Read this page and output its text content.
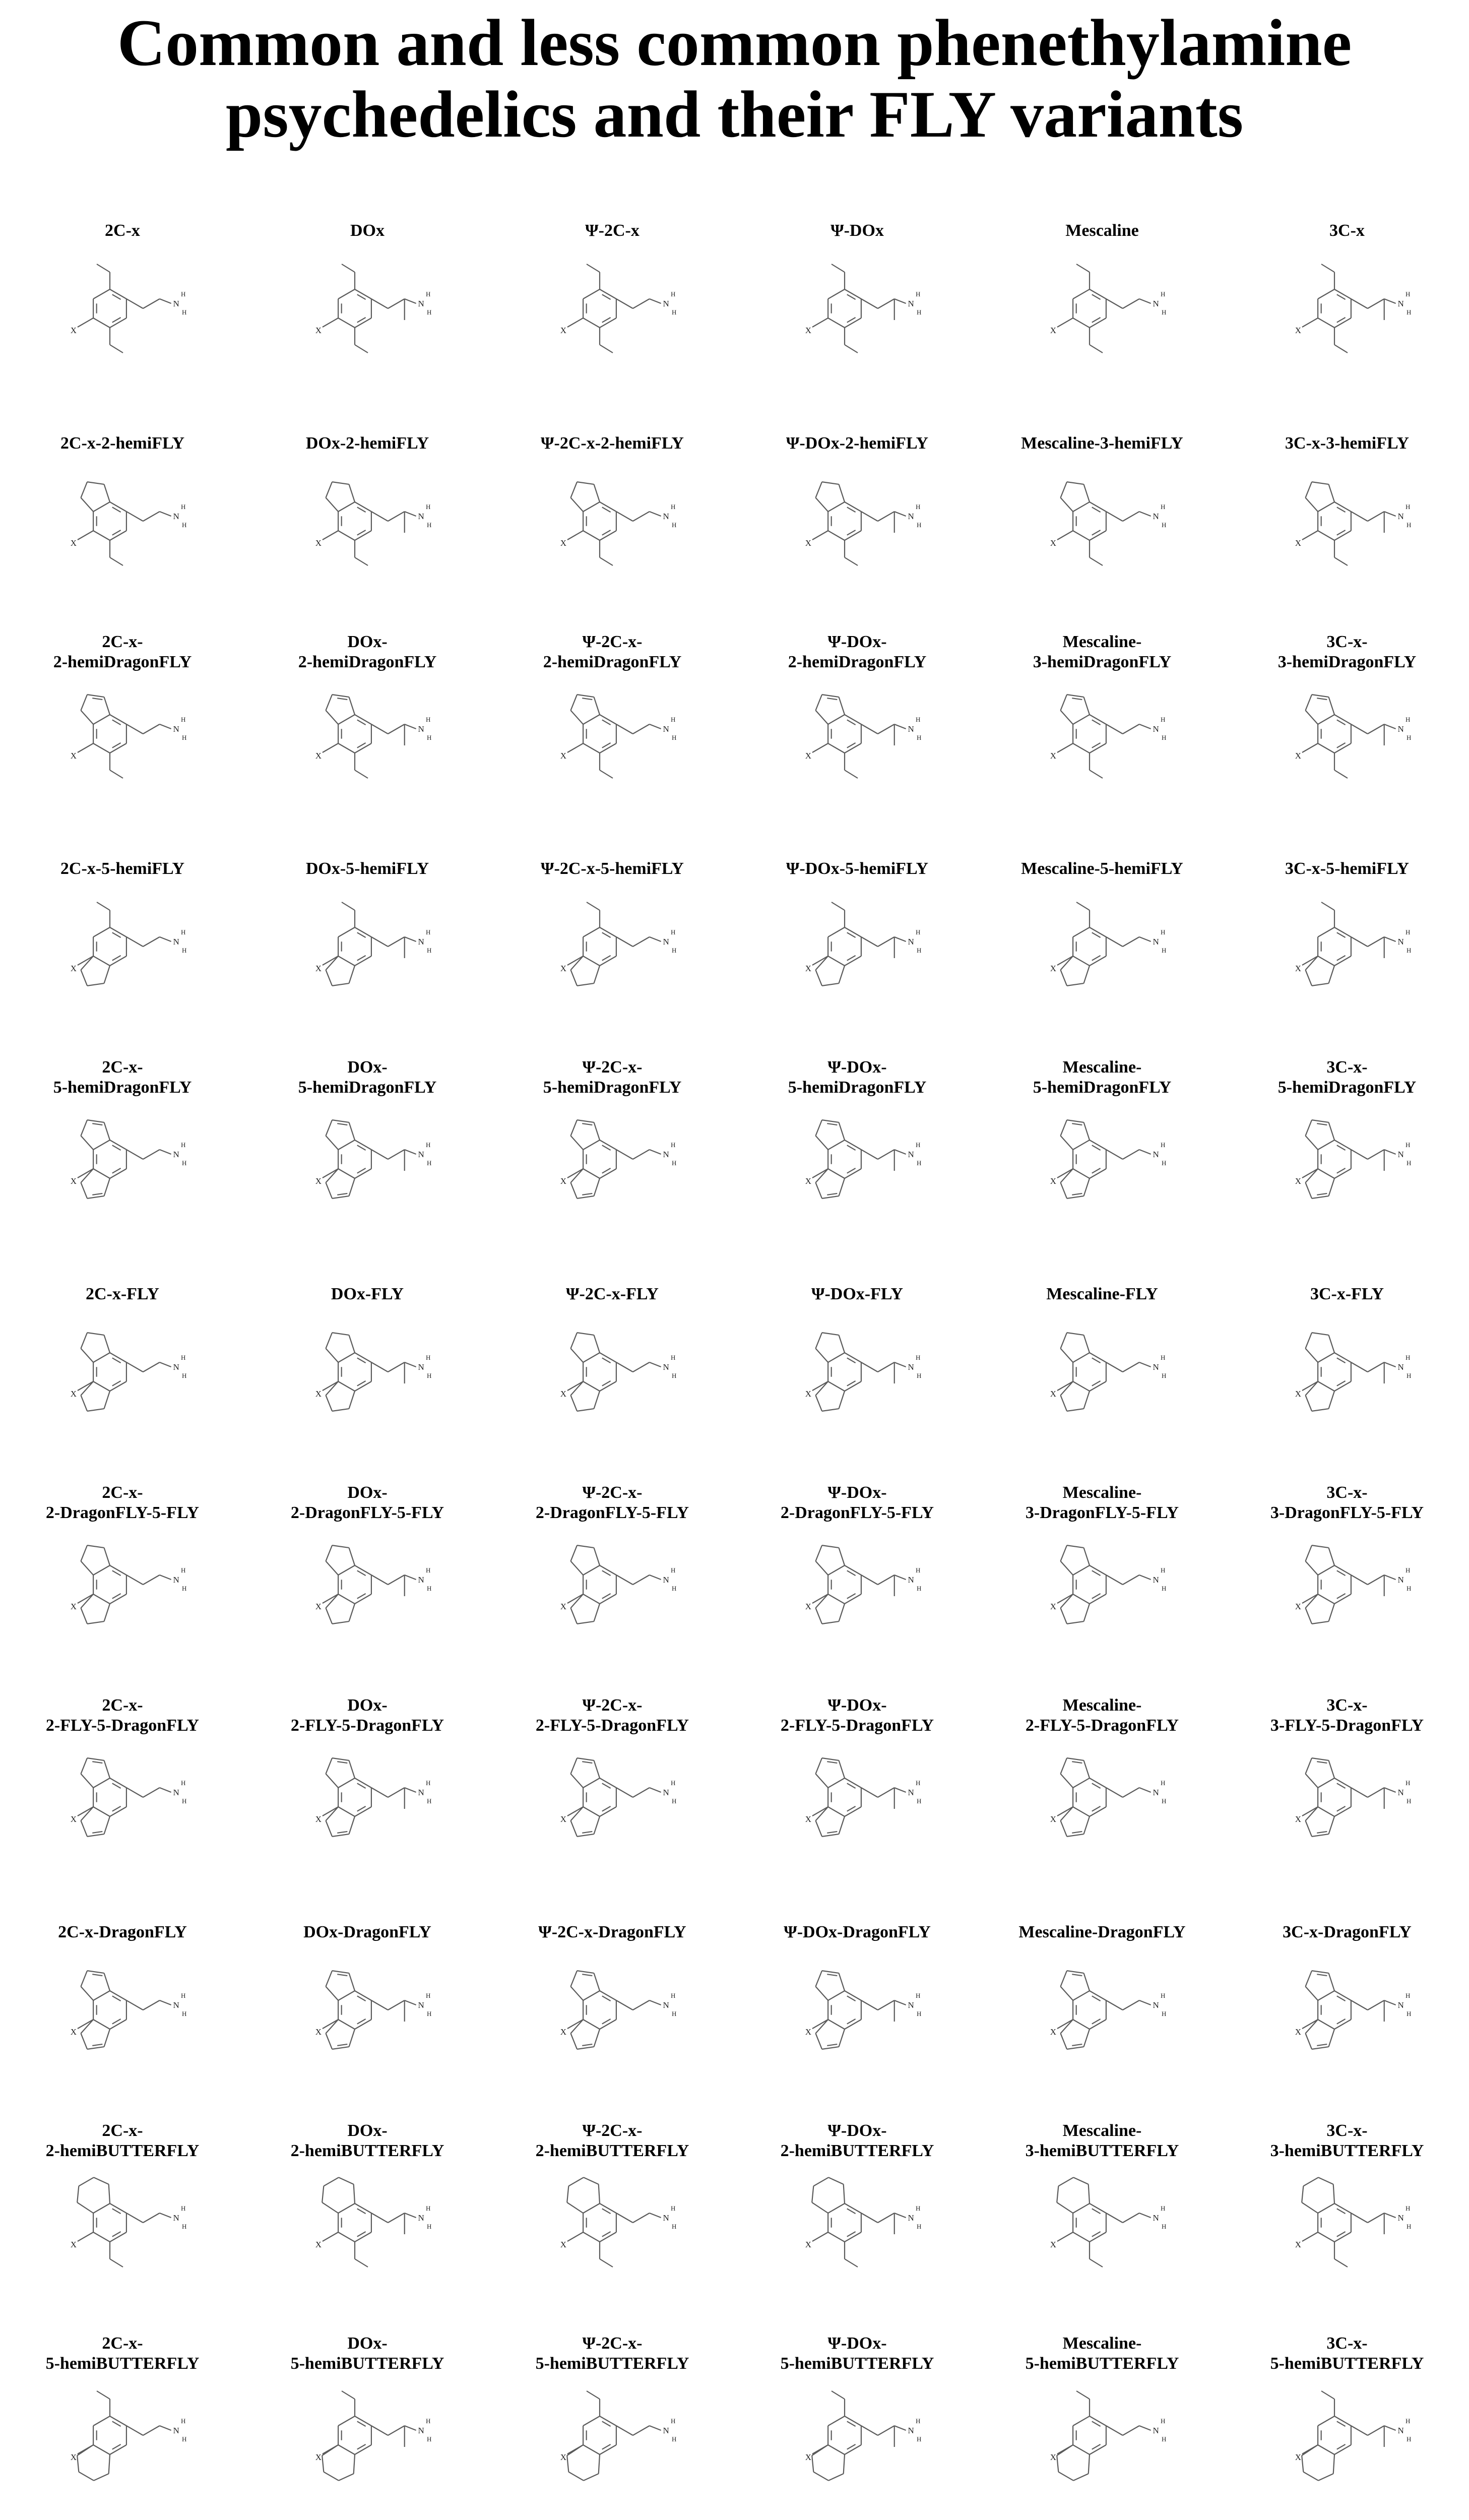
Common and less common phenethylamine
psychedelics and their FLY variants
2C-x
N
H
H
X
DOx
N
H
H
X
Ψ-2C-x
N
H
H
X
Ψ-DOx
N
H
H
X
Mescaline
N
H
H
X
3C-x
N
H
H
X
2C-x-2-hemiFLY
N
H
H
X
DOx-2-hemiFLY
N
H
H
X
Ψ-2C-x-2-hemiFLY
N
H
H
X
Ψ-DOx-2-hemiFLY
N
H
H
X
Mescaline-3-hemiFLY
N
H
H
X
3C-x-3-hemiFLY
N
H
H
X
2C-x-
2-hemiDragonFLY
N
H
H
X
DOx-
2-hemiDragonFLY
N
H
H
X
Ψ-2C-x-
2-hemiDragonFLY
N
H
H
X
Ψ-DOx-
2-hemiDragonFLY
N
H
H
X
Mescaline-
3-hemiDragonFLY
N
H
H
X
3C-x-
3-hemiDragonFLY
N
H
H
X
2C-x-5-hemiFLY
N
H
H
X
DOx-5-hemiFLY
N
H
H
X
Ψ-2C-x-5-hemiFLY
N
H
H
X
Ψ-DOx-5-hemiFLY
N
H
H
X
Mescaline-5-hemiFLY
N
H
H
X
3C-x-5-hemiFLY
N
H
H
X
2C-x-
5-hemiDragonFLY
N
H
H
X
DOx-
5-hemiDragonFLY
N
H
H
X
Ψ-2C-x-
5-hemiDragonFLY
N
H
H
X
Ψ-DOx-
5-hemiDragonFLY
N
H
H
X
Mescaline-
5-hemiDragonFLY
N
H
H
X
3C-x-
5-hemiDragonFLY
N
H
H
X
2C-x-FLY
N
H
H
X
DOx-FLY
N
H
H
X
Ψ-2C-x-FLY
N
H
H
X
Ψ-DOx-FLY
N
H
H
X
Mescaline-FLY
N
H
H
X
3C-x-FLY
N
H
H
X
2C-x-
2-DragonFLY-5-FLY
N
H
H
X
DOx-
2-DragonFLY-5-FLY
N
H
H
X
Ψ-2C-x-
2-DragonFLY-5-FLY
N
H
H
X
Ψ-DOx-
2-DragonFLY-5-FLY
N
H
H
X
Mescaline-
3-DragonFLY-5-FLY
N
H
H
X
3C-x-
3-DragonFLY-5-FLY
N
H
H
X
2C-x-
2-FLY-5-DragonFLY
N
H
H
X
DOx-
2-FLY-5-DragonFLY
N
H
H
X
Ψ-2C-x-
2-FLY-5-DragonFLY
N
H
H
X
Ψ-DOx-
2-FLY-5-DragonFLY
N
H
H
X
Mescaline-
2-FLY-5-DragonFLY
N
H
H
X
3C-x-
3-FLY-5-DragonFLY
N
H
H
X
2C-x-DragonFLY
N
H
H
X
DOx-DragonFLY
N
H
H
X
Ψ-2C-x-DragonFLY
N
H
H
X
Ψ-DOx-DragonFLY
N
H
H
X
Mescaline-DragonFLY
N
H
H
X
3C-x-DragonFLY
N
H
H
X
2C-x-
2-hemiBUTTERFLY
N
H
H
X
DOx-
2-hemiBUTTERFLY
N
H
H
X
Ψ-2C-x-
2-hemiBUTTERFLY
N
H
H
X
Ψ-DOx-
2-hemiBUTTERFLY
N
H
H
X
Mescaline-
3-hemiBUTTERFLY
N
H
H
X
3C-x-
3-hemiBUTTERFLY
N
H
H
X
2C-x-
5-hemiBUTTERFLY
N
H
H
X
DOx-
5-hemiBUTTERFLY
N
H
H
X
Ψ-2C-x-
5-hemiBUTTERFLY
N
H
H
X
Ψ-DOx-
5-hemiBUTTERFLY
N
H
H
X
Mescaline-
5-hemiBUTTERFLY
N
H
H
X
3C-x-
5-hemiBUTTERFLY
N
H
H
X
